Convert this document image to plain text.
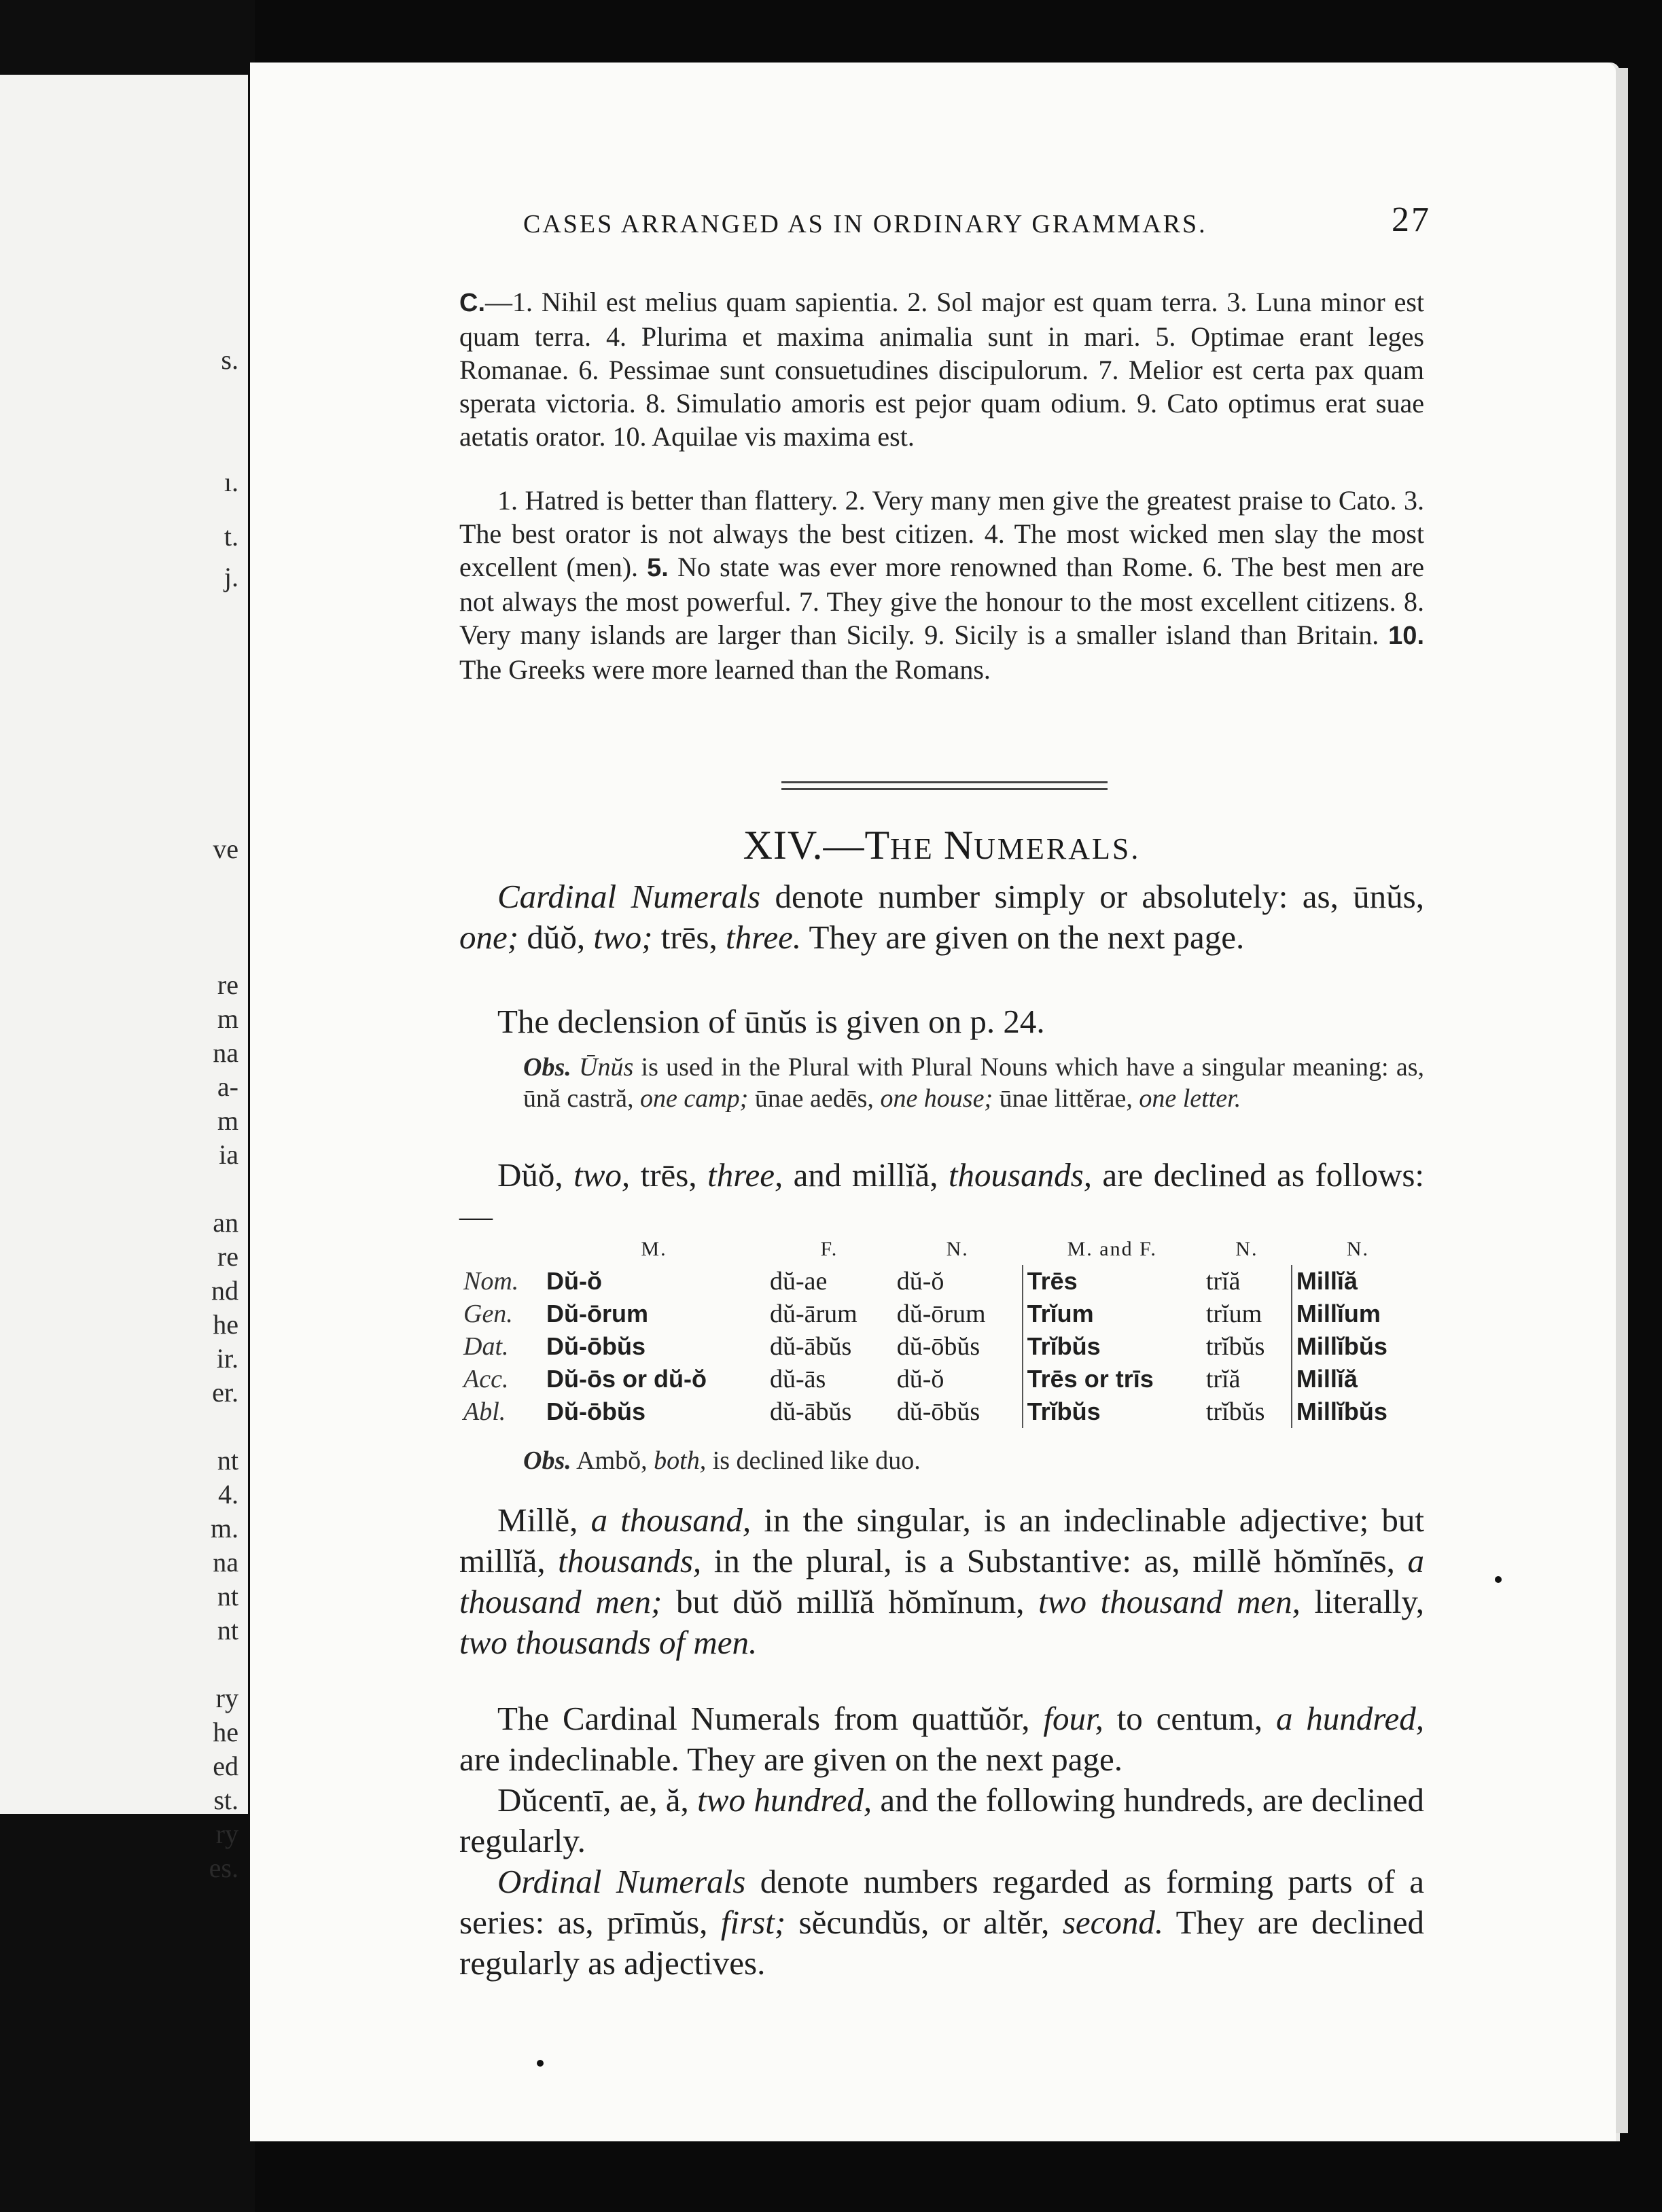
s.
ı.
t.
j.
ve
re
m
na
a-
m
ia
an
re
nd
he
ir.
er.
nt
4.
m.
na
nt
nt
ry
he
ed
st.
ry
es.
CASES ARRANGED AS IN ORDINARY GRAMMARS.	27

C.—1. Nihil est melius quam sapientia. 2. Sol major est quam terra. 3. Luna minor est quam terra. 4. Plurima et maxima animalia sunt in mari. 5. Optimae erant leges Romanae. 6. Pessimae sunt consuetudines discipulorum. 7. Melior est certa pax quam sperata victoria. 8. Simulatio amoris est pejor quam odium. 9. Cato optimus erat suae aetatis orator. 10. Aquilae vis maxima est.

1. Hatred is better than flattery. 2. Very many men give the greatest praise to Cato. 3. The best orator is not always the best citizen. 4. The most wicked men slay the most excellent (men). 5. No state was ever more renowned than Rome. 6. The best men are not always the most powerful. 7. They give the honour to the most excellent citizens. 8. Very many islands are larger than Sicily. 9. Sicily is a smaller island than Britain. 10. The Greeks were more learned than the Romans.

XIV.—THE NUMERALS.

Cardinal Numerals denote number simply or absolutely: as, ūnŭs, one; dŭŏ, two; trēs, three. They are given on the next page.

The declension of ūnŭs is given on p. 24.

Obs. Ūnŭs is used in the Plural with Plural Nouns which have a singular meaning: as, ūnă castră, one camp; ūnae aedēs, one house; ūnae littĕrae, one letter.

Dŭŏ, two, trēs, three, and millĭă, thousands, are declined as follows:—

	M.	F.	N.	M. and F.	N.	N.
Nom.	Dŭ-ŏ	dŭ-ae	dŭ-ŏ	Trēs	trĭă	Millĭă
Gen.	Dŭ-ōrum	dŭ-ārum	dŭ-ōrum	Trĭum	trĭum	Millĭum
Dat.	Dŭ-ōbŭs	dŭ-ābŭs	dŭ-ōbŭs	Trĭbŭs	trĭbŭs	Millĭbŭs
Acc.	Dŭ-ōs or dŭ-ŏ	dŭ-ās	dŭ-ŏ	Trēs or trīs	trĭă	Millĭă
Abl.	Dŭ-ōbŭs	dŭ-ābŭs	dŭ-ōbŭs	Trĭbŭs	trĭbŭs	Millĭbŭs
Obs. Ambŏ, both, is declined like duo.

Millĕ, a thousand, in the singular, is an indeclinable adjective; but millĭă, thousands, in the plural, is a Substantive: as, millĕ hŏmĭnēs, a thousand men; but dŭŏ millĭă hŏmĭnum, two thousand men, literally, two thousands of men.

The Cardinal Numerals from quattŭŏr, four, to centum, a hundred, are indeclinable. They are given on the next page.

Dŭcentī, ae, ă, two hundred, and the following hundreds, are declined regularly.

Ordinal Numerals denote numbers regarded as forming parts of a series: as, prīmŭs, first; sĕcundŭs, or altĕr, second. They are declined regularly as adjectives.
